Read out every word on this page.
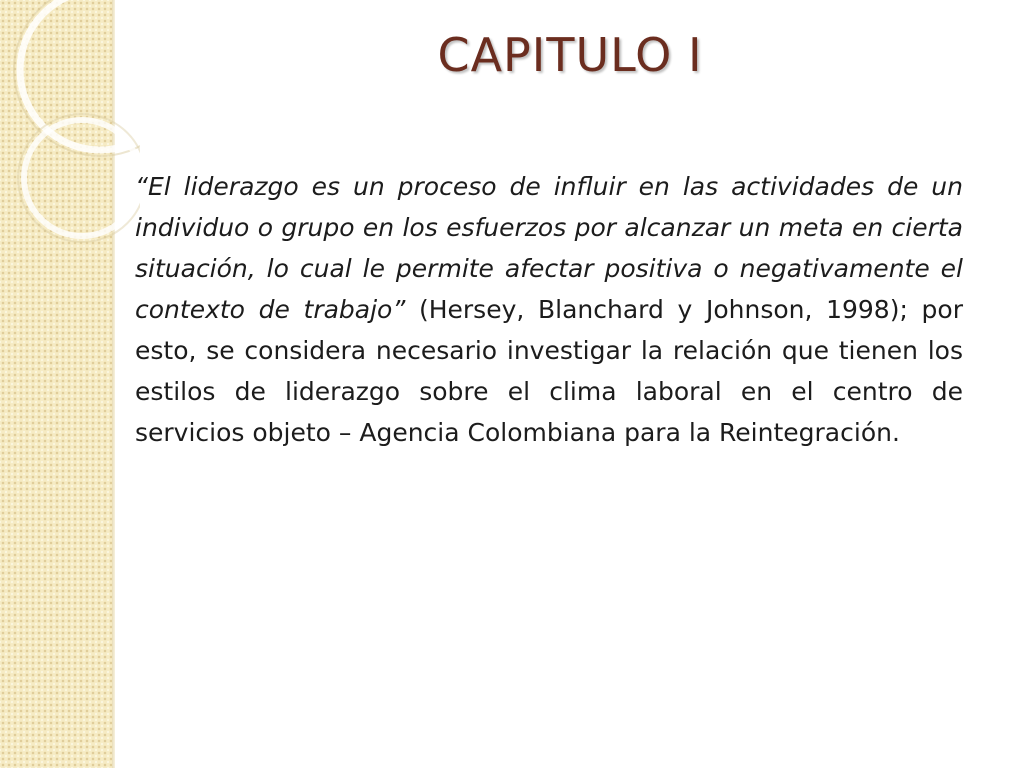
CAPITULO I

“El liderazgo es un proceso de influir en las actividades de un individuo o grupo en los esfuerzos por alcanzar un meta en cierta situación, lo cual le permite afectar positiva o negativamente el contexto de trabajo” (Hersey, Blanchard y Johnson, 1998); por esto, se considera necesario investigar la relación que tienen los estilos de liderazgo sobre el clima laboral en el centro de servicios objeto – Agencia Colombiana para la Reintegración.
